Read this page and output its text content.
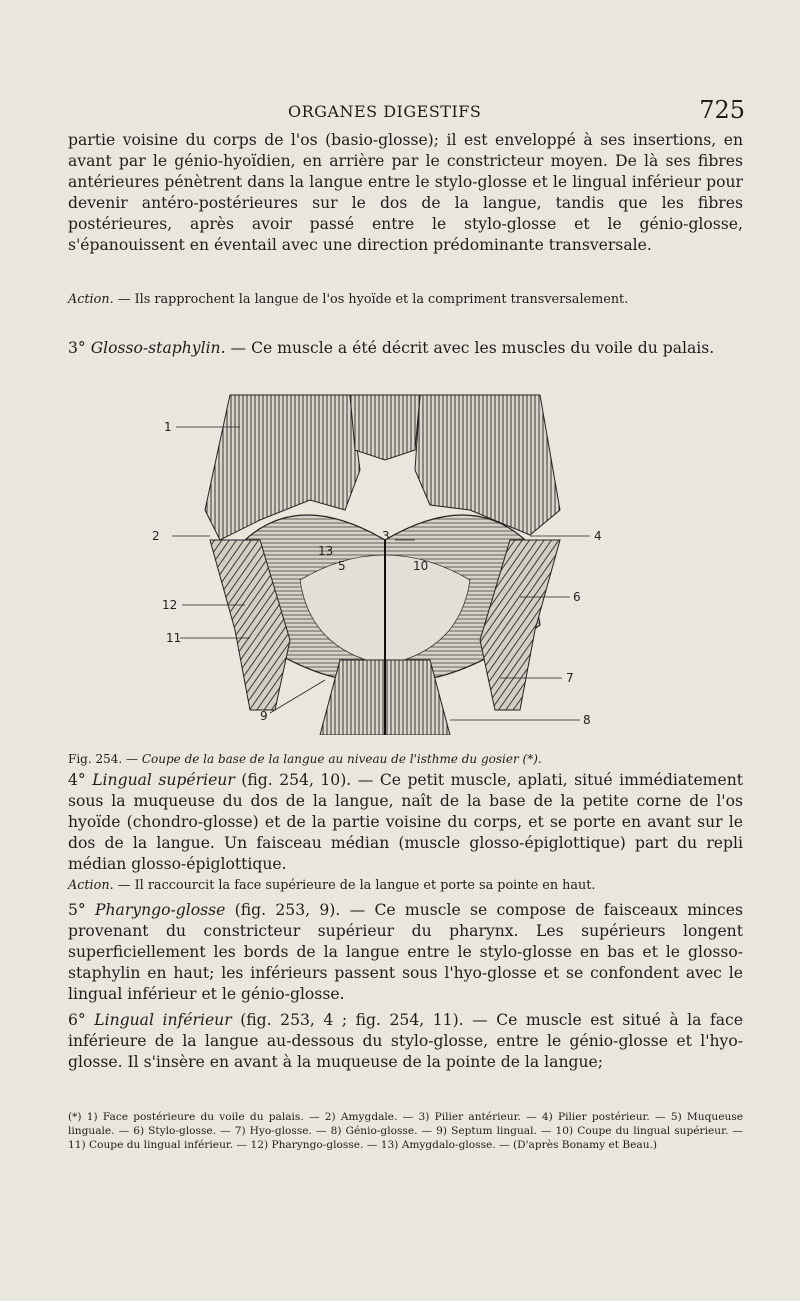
ORGANES DIGESTIFS	725

partie voisine du corps de l'os (basio-glosse); il est enveloppé à ses insertions, en avant par le génio-hyoïdien, en arrière par le constricteur moyen. De là ses fibres antérieures pénètrent dans la langue entre le stylo-glosse et le lingual inférieur pour devenir antéro-postérieures sur le dos de la langue, tandis que les fibres postérieures, après avoir passé entre le stylo-glosse et le génio-glosse, s'épanouissent en éventail avec une direction prédominante transversale.

Action. — Ils rapprochent la langue de l'os hyoïde et la compriment transversalement.

3° Glosso-staphylin. — Ce muscle a été décrit avec les muscles du voile du palais.

1
2	3	4
5
6
7
8
9
10
11
12
13

Fig. 254. — Coupe de la base de la langue au niveau de l'isthme du gosier (*).

4° Lingual supérieur (fig. 254, 10). — Ce petit muscle, aplati, situé immédiatement sous la muqueuse du dos de la langue, naît de la base de la petite corne de l'os hyoïde (chondro-glosse) et de la partie voisine du corps, et se porte en avant sur le dos de la langue. Un faisceau médian (muscle glosso-épiglottique) part du repli médian glosso-épiglottique.

Action. — Il raccourcit la face supérieure de la langue et porte sa pointe en haut.

5° Pharyngo-glosse (fig. 253, 9). — Ce muscle se compose de faisceaux minces provenant du constricteur supérieur du pharynx. Les supérieurs longent superficiellement les bords de la langue entre le stylo-glosse en bas et le glosso-staphylin en haut; les inférieurs passent sous l'hyo-glosse et se confondent avec le lingual inférieur et le génio-glosse.

6° Lingual inférieur (fig. 253, 4 ; fig. 254, 11). — Ce muscle est situé à la face inférieure de la langue au-dessous du stylo-glosse, entre le génio-glosse et l'hyo-glosse. Il s'insère en avant à la muqueuse de la pointe de la langue;

(*) 1) Face postérieure du voile du palais. — 2) Amygdale. — 3) Pilier antérieur. — 4) Pilier postérieur. — 5) Muqueuse linguale. — 6) Stylo-glosse. — 7) Hyo-glosse. — 8) Génio-glosse. — 9) Septum lingual. — 10) Coupe du lingual supérieur. — 11) Coupe du lingual inférieur. — 12) Pharyngo-glosse. — 13) Amygdalo-glosse. — (D'après Bonamy et Beau.)
